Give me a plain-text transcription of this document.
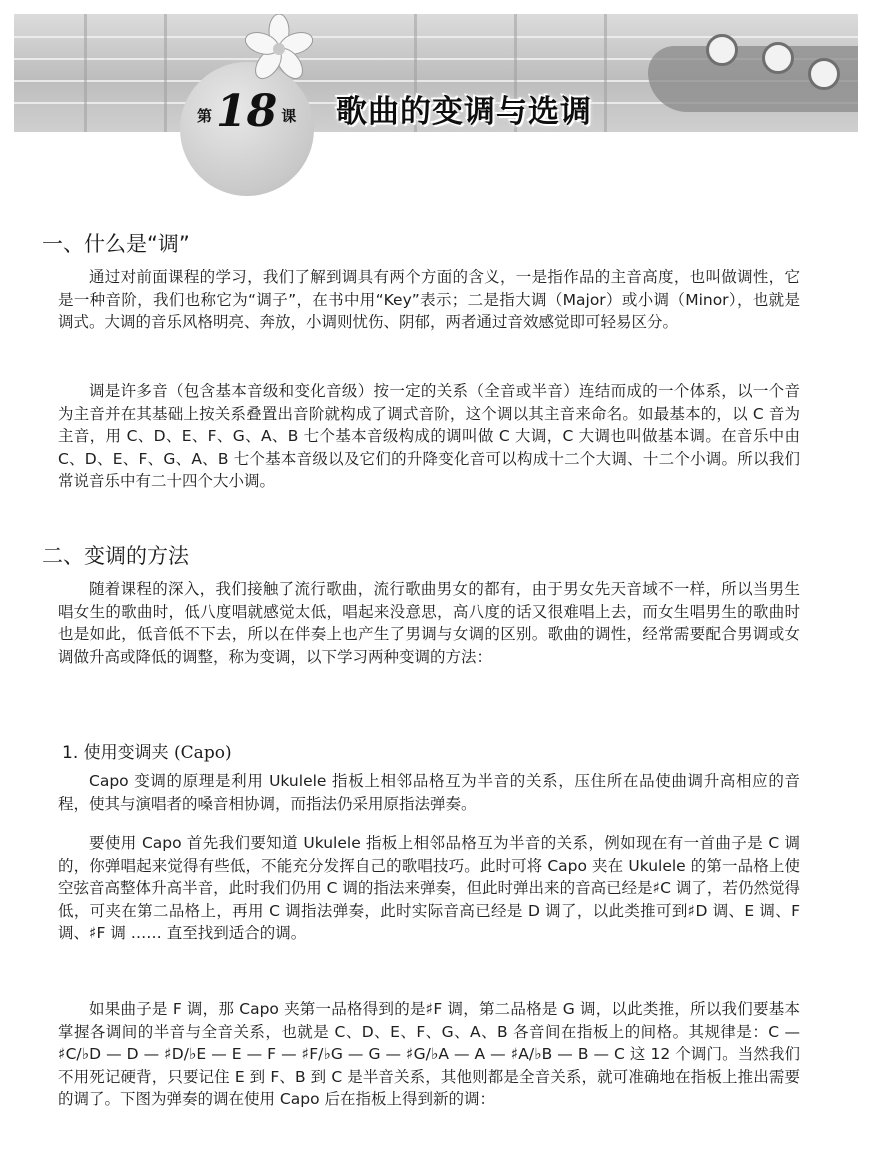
第 18 课 歌曲的变调与选调
一、什么是“调”

通过对前面课程的学习，我们了解到调具有两个方面的含义，一是指作品的主音高度，也叫做调性，它是一种音阶，我们也称它为“调子”，在书中用“Key”表示；二是指大调（Major）或小调（Minor），也就是调式。大调的音乐风格明亮、奔放，小调则忧伤、阴郁，两者通过音效感觉即可轻易区分。

调是许多音（包含基本音级和变化音级）按一定的关系（全音或半音）连结而成的一个体系，以一个音为主音并在其基础上按关系叠置出音阶就构成了调式音阶，这个调以其主音来命名。如最基本的，以 C 音为主音，用 C、D、E、F、G、A、B 七个基本音级构成的调叫做 C 大调，C 大调也叫做基本调。在音乐中由 C、D、E、F、G、A、B 七个基本音级以及它们的升降变化音可以构成十二个大调、十二个小调。所以我们常说音乐中有二十四个大小调。

二、变调的方法

随着课程的深入，我们接触了流行歌曲，流行歌曲男女的都有，由于男女先天音域不一样，所以当男生唱女生的歌曲时，低八度唱就感觉太低，唱起来没意思，高八度的话又很难唱上去，而女生唱男生的歌曲时也是如此，低音低不下去，所以在伴奏上也产生了男调与女调的区别。歌曲的调性，经常需要配合男调或女调做升高或降低的调整，称为变调，以下学习两种变调的方法：

1. 使用变调夹 (Capo)

Capo 变调的原理是利用 Ukulele 指板上相邻品格互为半音的关系，压住所在品使曲调升高相应的音程，使其与演唱者的嗓音相协调，而指法仍采用原指法弹奏。

要使用 Capo 首先我们要知道 Ukulele 指板上相邻品格互为半音的关系，例如现在有一首曲子是 C 调的，你弹唱起来觉得有些低，不能充分发挥自己的歌唱技巧。此时可将 Capo 夹在 Ukulele 的第一品格上使空弦音高整体升高半音，此时我们仍用 C 调的指法来弹奏，但此时弹出来的音高已经是♯C 调了，若仍然觉得低，可夹在第二品格上，再用 C 调指法弹奏，此时实际音高已经是 D 调了，以此类推可到♯D 调、E 调、F 调、♯F 调 …… 直至找到适合的调。

如果曲子是 F 调，那 Capo 夹第一品格得到的是♯F 调，第二品格是 G 调，以此类推，所以我们要基本掌握各调间的半音与全音关系，也就是 C、D、E、F、G、A、B 各音间在指板上的间格。其规律是：C — ♯C/♭D — D — ♯D/♭E — E — F — ♯F/♭G — G — ♯G/♭A — A — ♯A/♭B — B — C 这 12 个调门。当然我们不用死记硬背，只要记住 E 到 F、B 到 C 是半音关系，其他则都是全音关系，就可准确地在指板上推出需要的调了。下图为弹奏的调在使用 Capo 后在指板上得到新的调：
